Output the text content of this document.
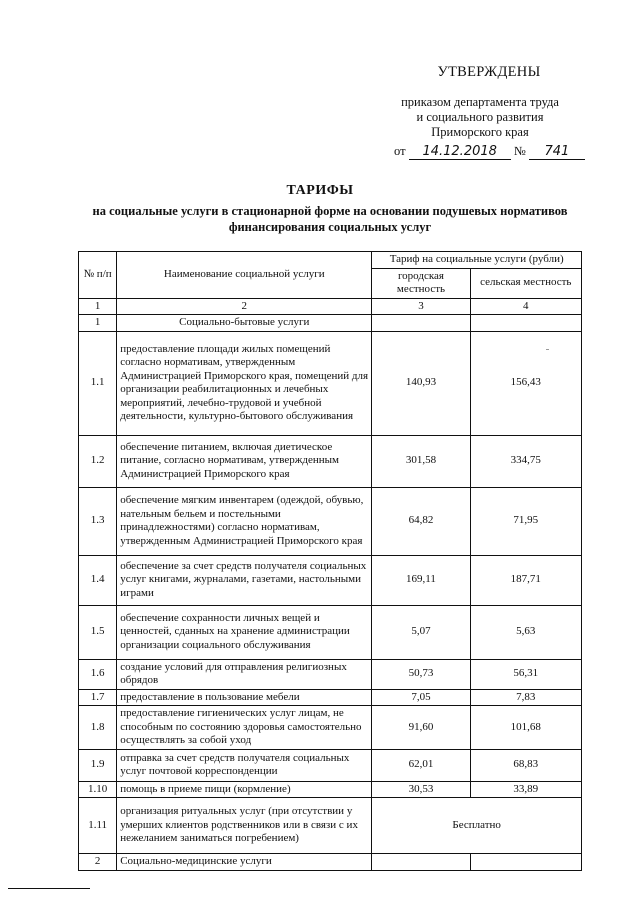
УТВЕРЖДЕНЫ
приказом департамента труда
и социального развития
Приморского края
от 14.12.2018 № 741
ТАРИФЫ
на социальные услуги в стационарной форме на основании подушевых нормативов финансирования социальных услуг
№ п/п	Наименование социальной услуги	Тариф на социальные услуги (рубли)	
		городская местность	сельская местность
1	2	3	4
1	Социально-бытовые услуги		
1.1	предоставление площади жилых помещений согласно нормативам, утвержденным Администрацией Приморского края, помещений для организации реабилитационных и лечебных мероприятий, лечебно-трудовой и учебной деятельности, культурно-бытового обслуживания	140,93	156,43
1.2	обеспечение питанием, включая диетическое питание, согласно нормативам, утвержденным Администрацией Приморского края	301,58	334,75
1.3	обеспечение мягким инвентарем (одеждой, обувью, нательным бельем и постельными принадлежностями) согласно нормативам, утвержденным Администрацией Приморского края	64,82	71,95
1.4	обеспечение за счет средств получателя социальных услуг книгами, журналами, газетами, настольными играми	169,11	187,71
1.5	обеспечение сохранности личных вещей и ценностей, сданных на хранение администрации организации социального обслуживания	5,07	5,63
1.6	создание условий для отправления религиозных обрядов	50,73	56,31
1.7	предоставление в пользование мебели	7,05	7,83
1.8	предоставление гигиенических услуг лицам, не способным по состоянию здоровья самостоятельно осуществлять за собой уход	91,60	101,68
1.9	отправка за счет средств получателя социальных услуг почтовой корреспонденции	62,01	68,83
1.10	помощь в приеме пищи (кормление)	30,53	33,89
1.11	организация ритуальных услуг (при отсутствии у умерших клиентов родственников или в связи с их нежеланием заниматься погребением)	Бесплатно	
2	Социально-медицинские услуги		
